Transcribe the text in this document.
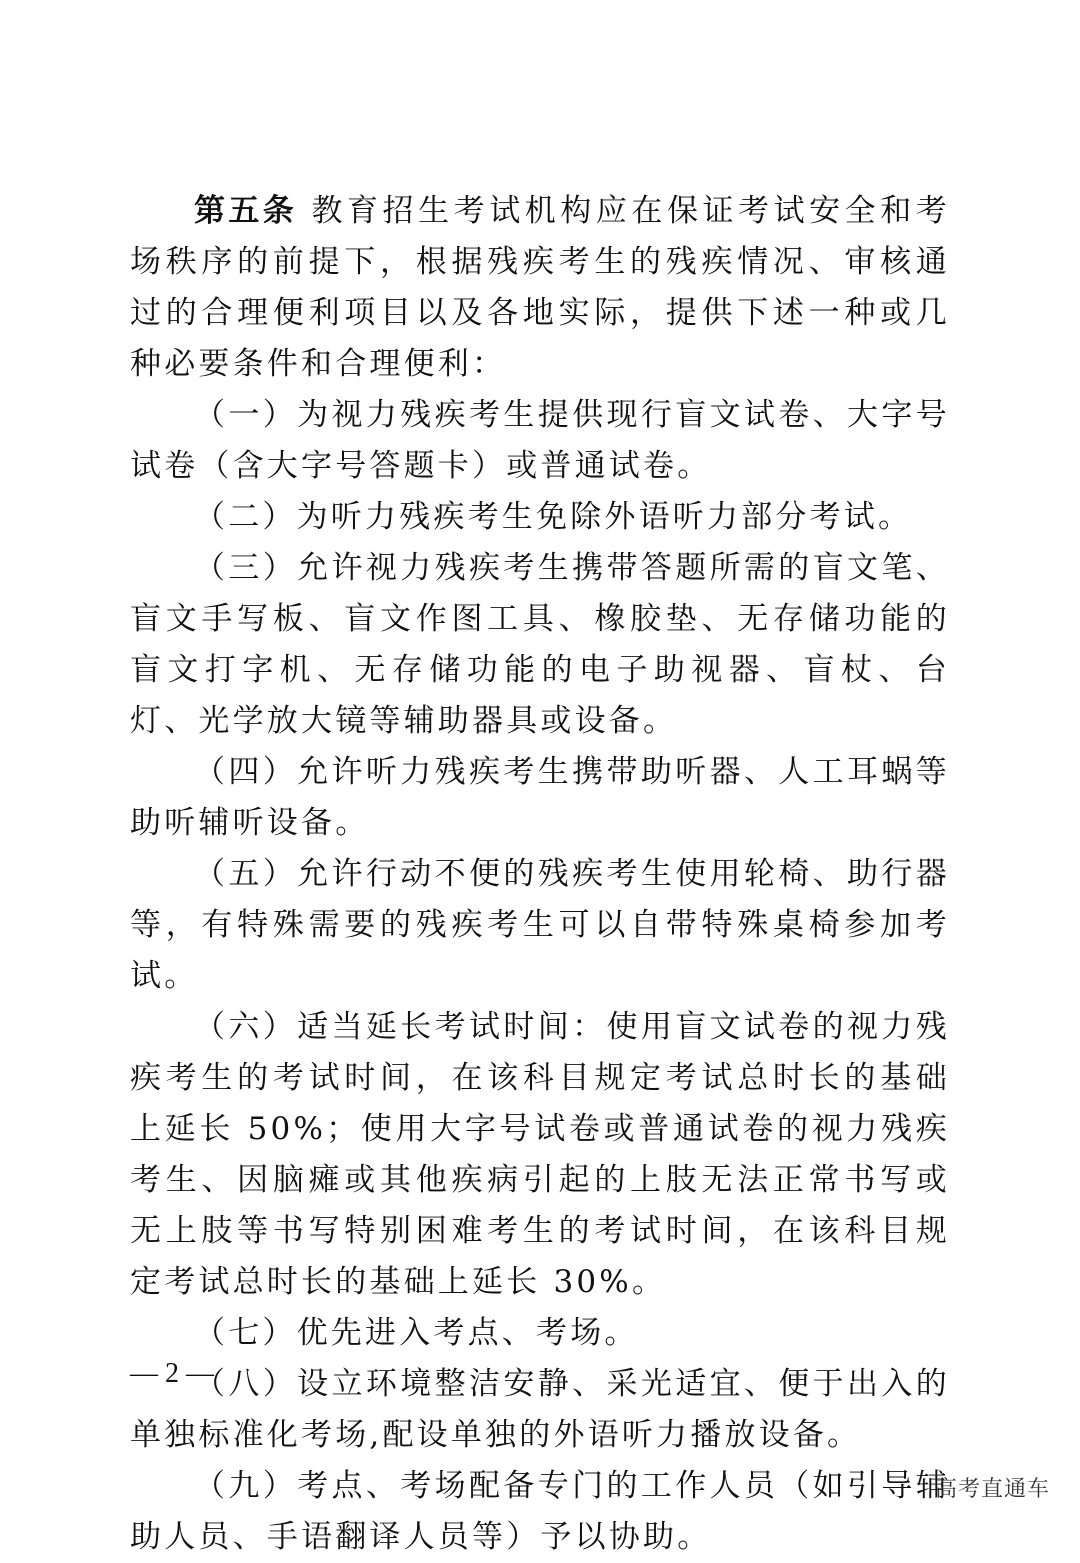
第五条 教育招生考试机构应在保证考试安全和考场秩序的前提下，根据残疾考生的残疾情况、审核通过的合理便利项目以及各地实际，提供下述一种或几种必要条件和合理便利：

（一）为视力残疾考生提供现行盲文试卷、大字号试卷（含大字号答题卡）或普通试卷。

（二）为听力残疾考生免除外语听力部分考试。

（三）允许视力残疾考生携带答题所需的盲文笔、盲文手写板、盲文作图工具、橡胶垫、无存储功能的盲文打字机、无存储功能的电子助视器、盲杖、台灯、光学放大镜等辅助器具或设备。

（四）允许听力残疾考生携带助听器、人工耳蜗等助听辅听设备。

（五）允许行动不便的残疾考生使用轮椅、助行器等，有特殊需要的残疾考生可以自带特殊桌椅参加考试。

（六）适当延长考试时间：使用盲文试卷的视力残疾考生的考试时间，在该科目规定考试总时长的基础上延长 50%；使用大字号试卷或普通试卷的视力残疾考生、因脑瘫或其他疾病引起的上肢无法正常书写或无上肢等书写特别困难考生的考试时间，在该科目规定考试总时长的基础上延长 30%。

（七）优先进入考点、考场。

（八）设立环境整洁安静、采光适宜、便于出入的单独标准化考场,配设单独的外语听力播放设备。

（九）考点、考场配备专门的工作人员（如引导辅助人员、手语翻译人员等）予以协助。

— 2 —
高考直通车
